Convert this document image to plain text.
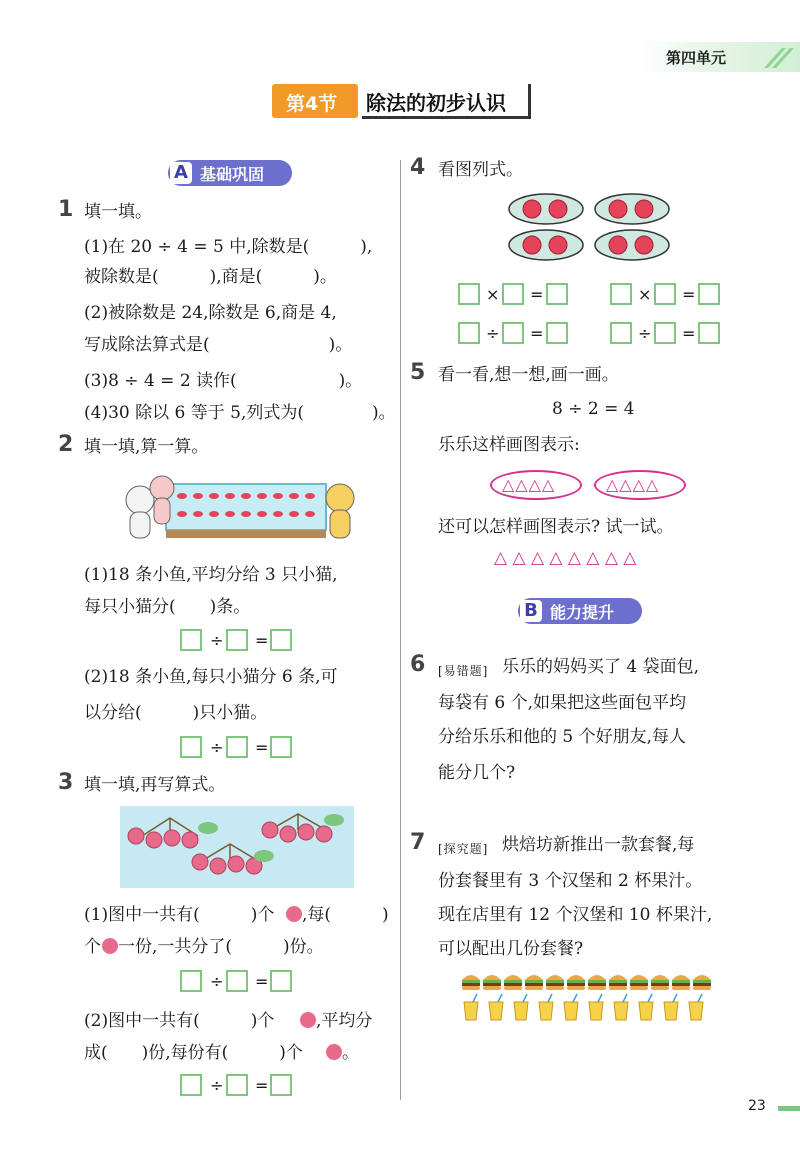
第四单元
第4节 除法的初步认识
A 基础巩固
1 填一填。
(1)在 20 ÷ 4 = 5 中,除数是(　　　),
被除数是(　　　),商是(　　　)。
(2)被除数是 24,除数是 6,商是 4,
写成除法算式是(　　　　　　　)。
(3)8 ÷ 4 = 2 读作(　　　　　　)。
(4)30 除以 6 等于 5,列式为(　　　　)。
2 填一填,算一算。
(1)18 条小鱼,平均分给 3 只小猫,
每只小猫分(　　)条。
÷ =
(2)18 条小鱼,每只小猫分 6 条,可
以分给(　　　)只小猫。
÷ =
3 填一填,再写算式。
(1)图中一共有(　　　)个 ,每(　　　)
个 一份,一共分了(　　　)份。
÷ =
(2)图中一共有(　　　)个 ,平均分
成(　　)份,每份有(　　　)个 。
÷ =
4 看图列式。
× =	× =
÷ =	÷ =
5 看一看,想一想,画一画。
8 ÷ 2 = 4
乐乐这样画图表示:
△△△△	△△△△
还可以怎样画图表示? 试一试。
△ △ △ △ △ △ △ △
B 能力提升
6 [易错题] 乐乐的妈妈买了 4 袋面包,
每袋有 6 个,如果把这些面包平均
分给乐乐和他的 5 个好朋友,每人
能分几个?
7 [探究题] 烘焙坊新推出一款套餐,每
份套餐里有 3 个汉堡和 2 杯果汁。
现在店里有 12 个汉堡和 10 杯果汁,
可以配出几份套餐?
23
